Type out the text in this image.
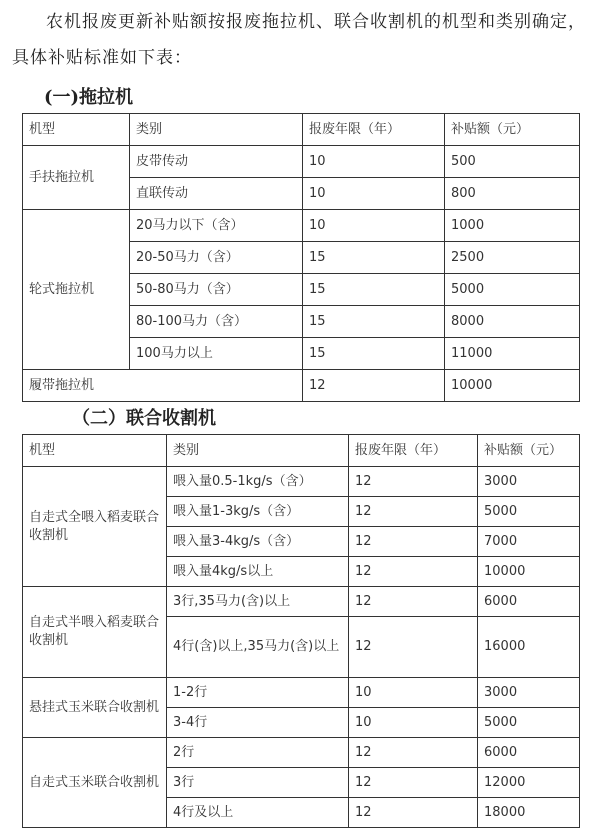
农机报废更新补贴额按报废拖拉机、联合收割机的机型和类别确定，具体补贴标准如下表：
(一)拖拉机
机型	类别	报废年限（年）	补贴额（元）
手扶拖拉机	皮带传动	10	500
	直联传动	10	800
轮式拖拉机	20马力以下（含）	10	1000
	20-50马力（含）	15	2500
	50-80马力（含）	15	5000
	80-100马力（含）	15	8000
	100马力以上	15	11000
履带拖拉机		12	10000
（二）联合收割机
机型	类别	报废年限（年）	补贴额（元）
自走式全喂入稻麦联合收割机	喂入量0.5-1kg/s（含）	12	3000
	喂入量1-3kg/s（含）	12	5000
	喂入量3-4kg/s（含）	12	7000
	喂入量4kg/s以上	12	10000
自走式半喂入稻麦联合收割机	3行,35马力(含)以上	12	6000
	4行(含)以上,35马力(含)以上	12	16000
悬挂式玉米联合收割机	1-2行	10	3000
	3-4行	10	5000
自走式玉米联合收割机	2行	12	6000
	3行	12	12000
	4行及以上	12	18000
